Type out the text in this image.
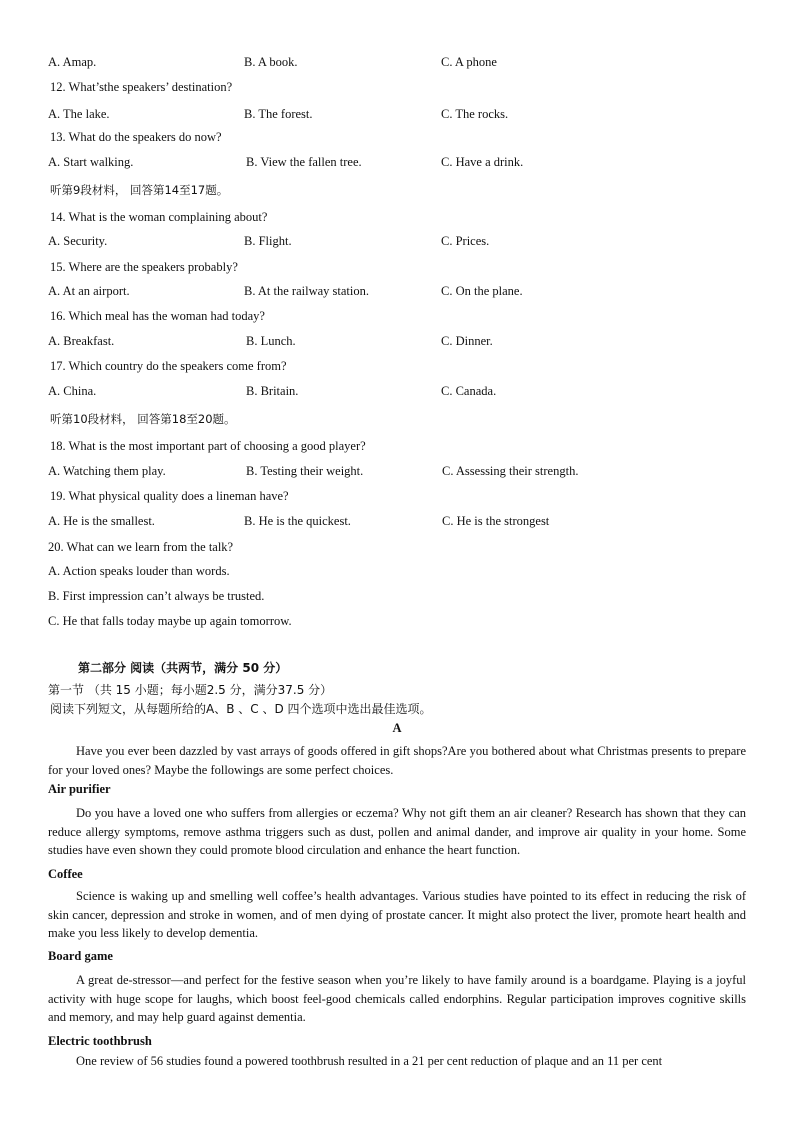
A. Amap.	B. A book.	C. A phone
12. What’sthe speakers’ destination?
A. The lake.	B. The forest.	C. The rocks.
13. What do the speakers do now?
A. Start walking.	B. View the fallen tree.	C. Have a drink.
听第9段材料， 回答第14至17题。
14. What is the woman complaining about?
A. Security.	B. Flight.	C. Prices.
15. Where are the speakers probably?
A. At an airport.	B. At the railway station.	C. On the plane.
16. Which meal has the woman had today?
A. Breakfast.	B. Lunch.	C. Dinner.
17. Which country do the speakers come from?
A. China.	B. Britain.	C. Canada.
听第10段材料， 回答第18至20题。
18. What is the most important part of choosing a good player?
A. Watching them play.	B. Testing their weight.	C. Assessing their strength.
19. What physical quality does a lineman have?
A. He is the smallest.	B. He is the quickest.	C. He is the strongest
20. What can we learn from the talk?
A. Action speaks louder than words.
B. First impression can’t always be trusted.
C. He that falls today maybe up again tomorrow.
第二部分 阅读（共两节，满分 50 分）
第一节 （共 15 小题；每小题2.5 分，满分37.5 分）
阅读下列短文，从每题所给的A、B 、C 、D 四个选项中选出最佳选项。
A
Have you ever been dazzled by vast arrays of goods offered in gift shops?Are you bothered about what Christmas presents to prepare for your loved ones? Maybe the followings are some perfect choices.
Air purifier
Do you have a loved one who suffers from allergies or eczema? Why not gift them an air cleaner? Research has shown that they can reduce allergy symptoms, remove asthma triggers such as dust, pollen and animal dander, and improve air quality in your home. Some studies have even shown they could promote blood circulation and enhance the heart function.
Coffee
Science is waking up and smelling well coffee’s health advantages. Various studies have pointed to its effect in reducing the risk of skin cancer, depression and stroke in women, and of men dying of prostate cancer. It might also protect the liver, promote heart health and make you less likely to develop dementia.
Board game
A great de-stressor—and perfect for the festive season when you’re likely to have family around is a boardgame. Playing is a joyful activity with huge scope for laughs, which boost feel-good chemicals called endorphins. Regular participation improves cognitive skills and memory, and may help guard against dementia.
Electric toothbrush
One review of 56 studies found a powered toothbrush resulted in a 21 per cent reduction of plaque and an 11 per cent
